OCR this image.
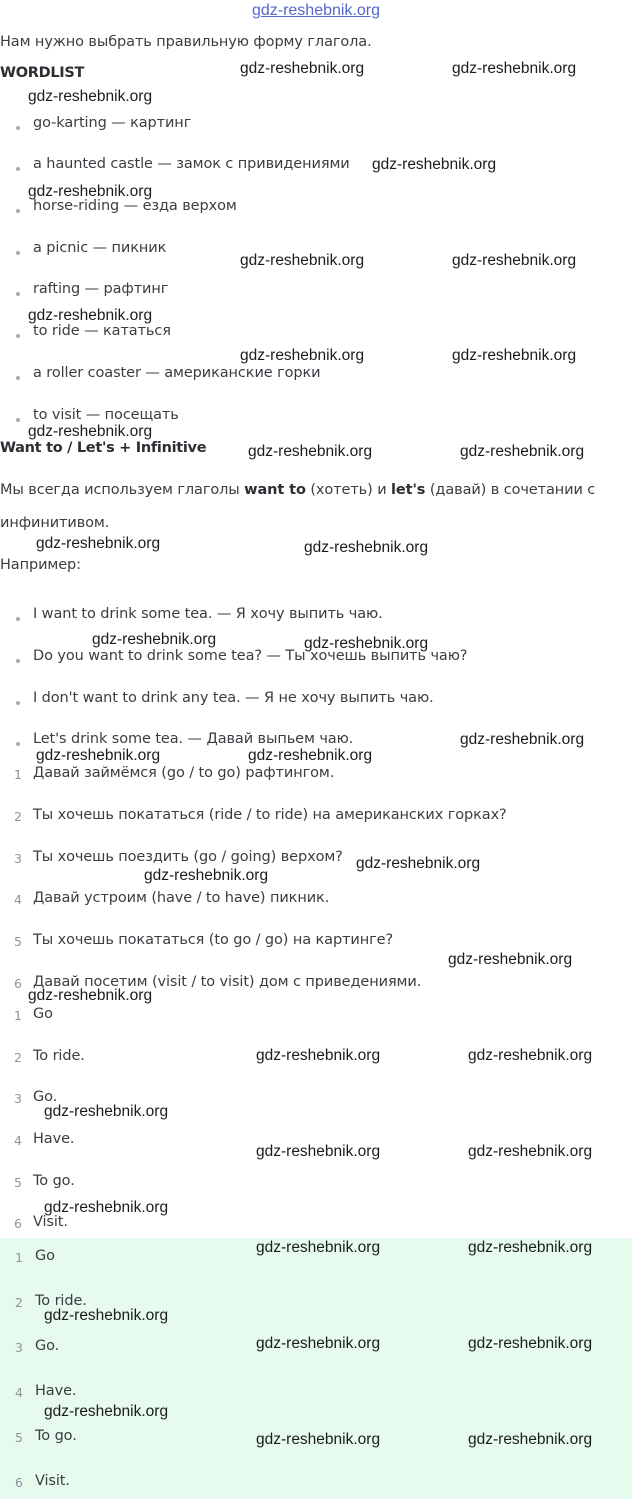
gdz-reshebnik.org
Нам нужно выбрать правильную форму глагола.
WORDLIST
go-karting — картинг
a haunted castle — замок с привидениями
horse-riding — езда верхом
a picnic — пикник
rafting — рафтинг
to ride — кататься
a roller coaster — американские горки
to visit — посещать
Want to / Let's + Infinitive
Мы всегда используем глаголы want to (хотеть) и let's (давай) в сочетании с
инфинитивом.
Например:
I want to drink some tea. — Я хочу выпить чаю.
Do you want to drink some tea? — Ты хочешь выпить чаю?
I don't want to drink any tea. — Я не хочу выпить чаю.
Let's drink some tea. — Давай выпьем чаю.
1 Давай займёмся (go / to go) рафтингом.
2 Ты хочешь покататься (ride / to ride) на американских горках?
3 Ты хочешь поездить (go / going) верхом?
4 Давай устроим (have / to have) пикник.
5 Ты хочешь покататься (to go / go) на картинге?
6 Давай посетим (visit / to visit) дом с приведениями.
1 Go
2 To ride.
3 Go.
4 Have.
5 To go.
6 Visit.
1 Go
2 To ride.
3 Go.
4 Have.
5 To go.
6 Visit.
gdz-reshebnik.org	gdz-reshebnik.org
gdz-reshebnik.org
gdz-reshebnik.org
gdz-reshebnik.org
gdz-reshebnik.org	gdz-reshebnik.org
gdz-reshebnik.org
gdz-reshebnik.org	gdz-reshebnik.org
gdz-reshebnik.org
gdz-reshebnik.org	gdz-reshebnik.org
gdz-reshebnik.org	gdz-reshebnik.org
gdz-reshebnik.org	gdz-reshebnik.org
gdz-reshebnik.org
gdz-reshebnik.org	gdz-reshebnik.org
gdz-reshebnik.org
gdz-reshebnik.org
gdz-reshebnik.org
gdz-reshebnik.org
gdz-reshebnik.org	gdz-reshebnik.org
gdz-reshebnik.org
gdz-reshebnik.org	gdz-reshebnik.org
gdz-reshebnik.org
gdz-reshebnik.org	gdz-reshebnik.org
gdz-reshebnik.org
gdz-reshebnik.org	gdz-reshebnik.org
gdz-reshebnik.org
gdz-reshebnik.org	gdz-reshebnik.org
